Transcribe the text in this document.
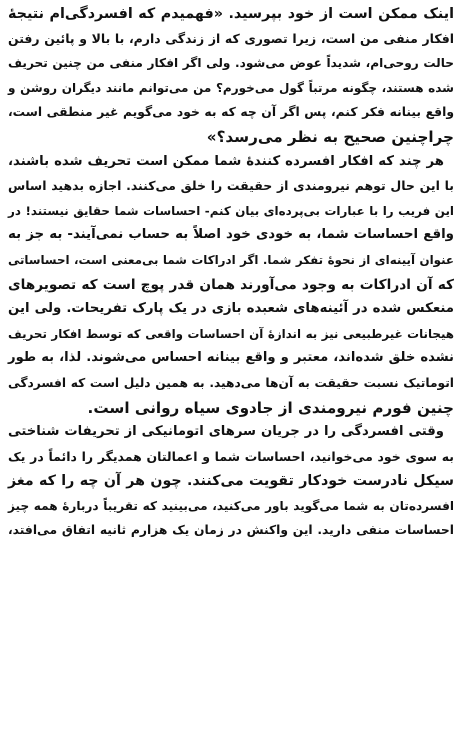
اینک ممکن است از خود بپرسید. «فهمیدم که افسردگی‌ام نتیجهٔ
افکار منفی من است، زیرا تصوری که از زندگی دارم، با بالا و پائین رفتن
حالت روحی‌ام، شدیداً عوض می‌شود. ولی اگر افکار منفی من چنین تحریف
شده هستند، چگونه مرتباً گول می‌خورم؟ من می‌توانم مانند دیگران روشن و
واقع بینانه فکر کنم، پس اگر آن چه که به خود می‌گویم غیر منطقی است،
چراچنین صحیح به نظر می‌رسد؟»
هر چند که افکار افسرده کنندهٔ شما ممکن است تحریف شده باشند،
با این حال توهم نیرومندی از حقیقت را خلق می‌کنند. اجازه بدهید اساس
این فریب را با عبارات بی‌پرده‌ای بیان کنم- احساسات شما حقایق نیستند! در
واقع احساسات شما، به خودی خود اصلاً به حساب نمی‌آیند- به جز به
عنوان آیینه‌ای از نحوهٔ تفکر شما. اگر ادراکات شما بی‌معنی است، احساساتی
که آن ادراکات به وجود می‌آورند همان قدر پوچ است که تصویرهای
منعکس شده در آئینه‌های شعبده بازی در یک پارک تفریحات. ولی این
هیجانات غیرطبیعی نیز به اندازهٔ آن احساسات واقعی که توسط افکار تحریف
نشده خلق شده‌اند، معتبر و واقع بینانه احساس می‌شوند. لذا، به طور
اتوماتیک نسبت حقیقت به آن‌ها می‌دهید. به همین دلیل است که افسردگی
چنین فورم نیرومندی از جادوی سیاه روانی است.
وقتی افسردگی را در جریان سرهای اتومانیکی از تحریفات شناختی
به سوی خود می‌خوانید، احساسات شما و اعمالتان همدیگر را دائماً در یک
سیکل نادرست خودکار تقویت می‌کنند. چون هر آن چه را که مغز
افسرده‌تان به شما می‌گوید باور می‌کنید، می‌بینید که تقریباً دربارهٔ همه چیز
احساسات منفی دارید. این واکنش در زمان یک هزارم ثانیه اتفاق می‌افتد،
